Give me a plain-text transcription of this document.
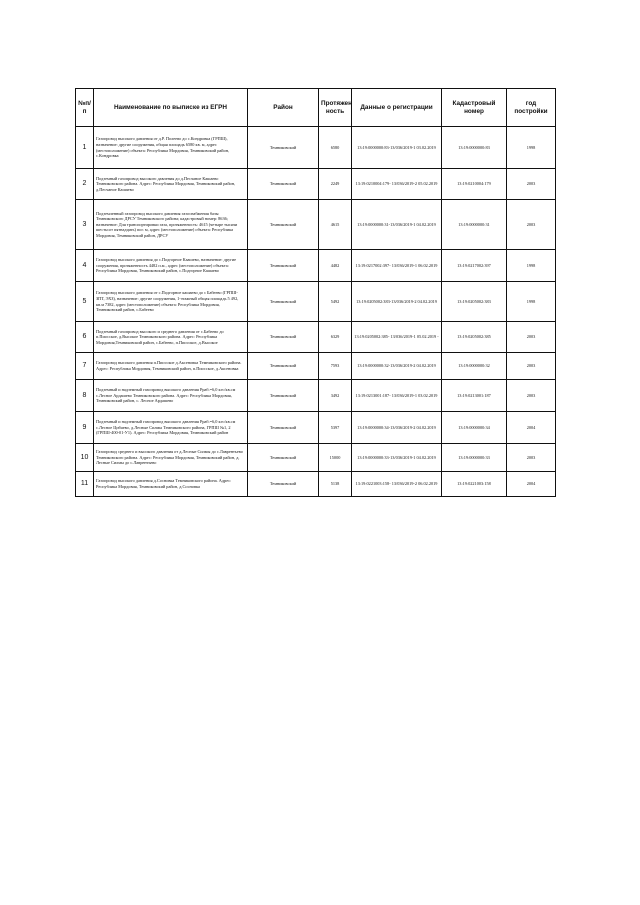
№п/п	Наименование по выписке из ЕГРН	Район	Протяжен ность	Данные о регистрации	Кадастровый номер	год постройки
1	Газопровод высокого давления от д.Р. Полеево до с.Кондровка (ГРПШ), назначение: другие сооружения, общая площадь 6580 кв. м, адрес (местоположение) объекта: Республика Мордовия, Темниковский район, с.Кондровка	Темниковский	6580	13:19:0000000:83-13/036/2019-1 03.02.2019	13:19:0000000:83	1998
2	Подземный газопровод высокого давления до д.Песчаное Кашаево Темниковского района. Адрес: Республика Мордовия, Темниковский район, д.Песчаное Кашаево	Темниковский	2249	13:19:0210004:179- 13/036/2019-2 05.02.2019	13:19:0210004:179	2003
3	Подземленный газопровод высокого давления газоснабжения базы Темниковского ДРСУ Темниковского района; кадастровый номер: 8636; назначение: Для транспортировки газа, протяженность: 4615 (четыре тысячи шестьсот пятнадцать) пог. м, адрес (местоположение) объекта: Республика Мордовия, Темниковский район, ДРСУ	Темниковский	4615	13:19:0000000:31-13/036/2019-1 04.02.2019	13:19:0000000:31	2003
4	Газопровод высокого давления до с.Подгорное Каашево, назначение: другие сооружения, протяженность 4482 п.м., адрес (местоположение) объекта: Республика Мордовия, Темниковский район, с.Подгорное Кашаево	Темниковский	4482	13:19:0217002:397- 13/036/2019-1 06.02.2019	13:19:0217002:397	1998
5	Газопровод высокого давления от с.Подгорное кашаево до с Бабеево (ГРПШ-ЗПТ, ЭХЗ), назначение: другие сооружения, 1-этажный общая площадь 5 492, кв.м 7382, адрес (местоположение) объекта: Республика Мордовия, Темниковский район, с.Бабеево	Темниковский	5492	13:19:0205002:383-13/036/2019-2 04.02.2019	13:19:0205002:383	1998
6	Подземный газопровод высокого и среднего давления от с.Бабеево до п.Пиосское, д.Высокое Темниковского района. Адрес: Республика Мордовия,Темниковский район, с.Бабеево, п.Пиосское, д.Высокое	Темниковский	6329	13:19:0205002:385- 13/036/2019-1 05.02.2019 -	13:19:0205002:385	2003
7	Газопровод высокого давления п.Пиосское д.Аксеновка Темниковского района. Адрес: Республика Мордовия, Темниковский район, п.Пиосское, д.Аксеновка	Темниковский	7593	13:19:0000000:32-13/036/2019-2 04.02.2019	13:19:0000000:32	2003
8	Подземный и надземный газопровод высокого давления Рраб.=6,0 кгс/кв.см с.Лесное Ардашево Темниковского района. Адрес: Республика Мордовия, Темниковский район, с. Лесное Ардашево	Темниковский	3492	13:19:0213001:187- 13/036/2019-1 03.02.2019	13:19:0213001:187	2003
9	Подземный и надземный газопровод высокого давления Рраб.=6,0 кгс/кв.см с.Лесное Цибаево, д.Лесные Силмы Темниковского района, ГРПШ №1, 2 (ГРПШ-400-01-У1). Адрес: Республика Мордовия, Темниковский район	Темниковский	5397	13:19:0000000:34-13/036/2019-2 04.02.2019	13:19:0000000:34	2004
10	Газопровод среднего и высокого давления от д.Лесные Силмы до с.Лаврентьево Темниковского района. Адрес: Республика Мордовия, Темниковский район, д. Лесные Силмы до с.Лаврентьево	Темниковский	15000	13:19:0000000:33-13/036/2019-1 04.02.2019	13:19:0000000:33	2003
11	Газопровод высокого давления д.Сосновка Темниковского района. Адрес: Республика Мордовия, Темниковский район, д.Сосновка	Темниковский	5138	13:19:0221003:158- 13/036/2019-2 06.02.2019	13:19:0221003:158	2004
